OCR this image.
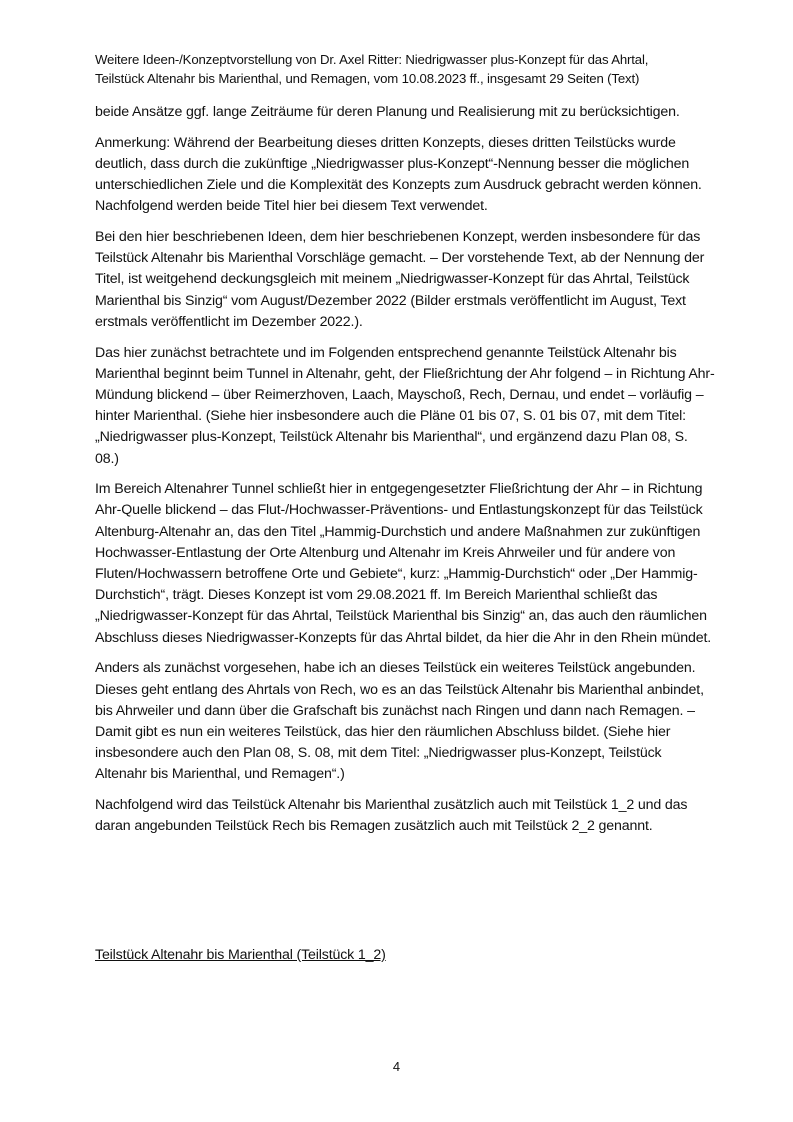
Weitere Ideen-/Konzeptvorstellung von Dr. Axel Ritter: Niedrigwasser plus-Konzept für das Ahrtal,
Teilstück Altenahr bis Marienthal, und Remagen, vom 10.08.2023 ff., insgesamt 29 Seiten (Text)

beide Ansätze ggf. lange Zeiträume für deren Planung und Realisierung mit zu berücksichtigen.

Anmerkung: Während der Bearbeitung dieses dritten Konzepts, dieses dritten Teilstücks wurde deutlich, dass durch die zukünftige „Niedrigwasser plus-Konzept“-Nennung besser die möglichen unterschiedlichen Ziele und die Komplexität des Konzepts zum Ausdruck gebracht werden können. Nachfolgend werden beide Titel hier bei diesem Text verwendet.

Bei den hier beschriebenen Ideen, dem hier beschriebenen Konzept, werden insbesondere für das Teilstück Altenahr bis Marienthal Vorschläge gemacht. – Der vorstehende Text, ab der Nennung der Titel, ist weitgehend deckungsgleich mit meinem „Niedrigwasser-Konzept für das Ahrtal, Teilstück Marienthal bis Sinzig“ vom August/Dezember 2022 (Bilder erstmals veröffentlicht im August, Text erstmals veröffentlicht im Dezember 2022.).

Das hier zunächst betrachtete und im Folgenden entsprechend genannte Teilstück Altenahr bis Marienthal beginnt beim Tunnel in Altenahr, geht, der Fließrichtung der Ahr folgend – in Richtung Ahr-Mündung blickend – über Reimerzhoven, Laach, Mayschoß, Rech, Dernau, und endet – vorläufig – hinter Marienthal. (Siehe hier insbesondere auch die Pläne 01 bis 07, S. 01 bis 07, mit dem Titel: „Niedrigwasser plus-Konzept, Teilstück Altenahr bis Marienthal“, und ergänzend dazu Plan 08, S. 08.)

Im Bereich Altenahrer Tunnel schließt hier in entgegengesetzter Fließrichtung der Ahr – in Richtung Ahr-Quelle blickend – das Flut-/Hochwasser-Präventions- und Entlastungskonzept für das Teilstück Altenburg-Altenahr an, das den Titel „Hammig-Durchstich und andere Maßnahmen zur zukünftigen Hochwasser-Entlastung der Orte Altenburg und Altenahr im Kreis Ahrweiler und für andere von Fluten/Hochwassern betroffene Orte und Gebiete“, kurz: „Hammig-Durchstich“ oder „Der Hammig-Durchstich“, trägt. Dieses Konzept ist vom 29.08.2021 ff. Im Bereich Marienthal schließt das „Niedrigwasser-Konzept für das Ahrtal, Teilstück Marienthal bis Sinzig“ an, das auch den räumlichen Abschluss dieses Niedrigwasser-Konzepts für das Ahrtal bildet, da hier die Ahr in den Rhein mündet.

Anders als zunächst vorgesehen, habe ich an dieses Teilstück ein weiteres Teilstück angebunden. Dieses geht entlang des Ahrtals von Rech, wo es an das Teilstück Altenahr bis Marienthal anbindet, bis Ahrweiler und dann über die Grafschaft bis zunächst nach Ringen und dann nach Remagen. – Damit gibt es nun ein weiteres Teilstück, das hier den räumlichen Abschluss bildet. (Siehe hier insbesondere auch den Plan 08, S. 08, mit dem Titel: „Niedrigwasser plus-Konzept, Teilstück Altenahr bis Marienthal, und Remagen“.)

Nachfolgend wird das Teilstück Altenahr bis Marienthal zusätzlich auch mit Teilstück 1_2 und das daran angebunden Teilstück Rech bis Remagen zusätzlich auch mit Teilstück 2_2 genannt.

Teilstück Altenahr bis Marienthal (Teilstück 1_2)
4
